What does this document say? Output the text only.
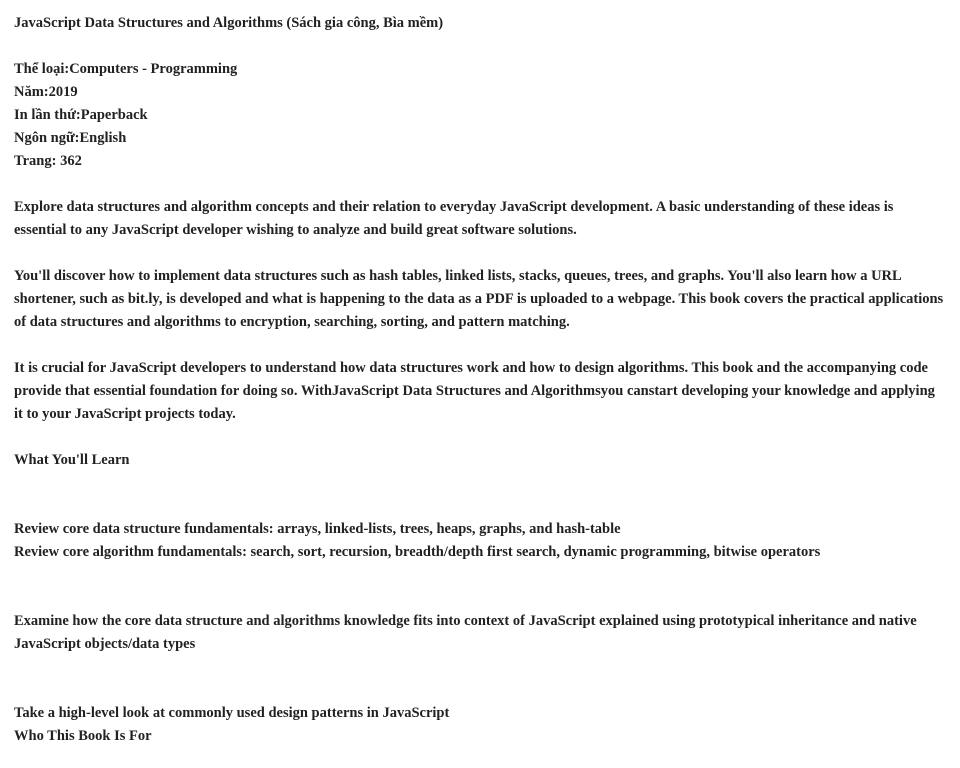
JavaScript Data Structures and Algorithms (Sách gia công, Bìa mềm)
Thể loại:Computers - Programming
Năm:2019
In lần thứ:Paperback
Ngôn ngữ:English
Trang: 362

Explore data structures and algorithm concepts and their relation to everyday JavaScript development. A basic understanding of these ideas is essential to any JavaScript developer wishing to analyze and build great software solutions.

You'll discover how to implement data structures such as hash tables, linked lists, stacks, queues, trees, and graphs. You'll also learn how a URL shortener, such as bit.ly, is developed and what is happening to the data as a PDF is uploaded to a webpage. This book covers the practical applications of data structures and algorithms to encryption, searching, sorting, and pattern matching.

It is crucial for JavaScript developers to understand how data structures work and how to design algorithms. This book and the accompanying code provide that essential foundation for doing so. WithJavaScript Data Structures and Algorithmsyou canstart developing your knowledge and applying it to your JavaScript projects today.

What You'll Learn
Review core data structure fundamentals: arrays, linked-lists, trees, heaps, graphs, and hash-table
Review core algorithm fundamentals: search, sort, recursion, breadth/depth first search, dynamic programming, bitwise operators

Examine how the core data structure and algorithms knowledge fits into context of JavaScript explained using prototypical inheritance and native JavaScript objects/data types

Take a high-level look at commonly used design patterns in JavaScript
Who This Book Is For
